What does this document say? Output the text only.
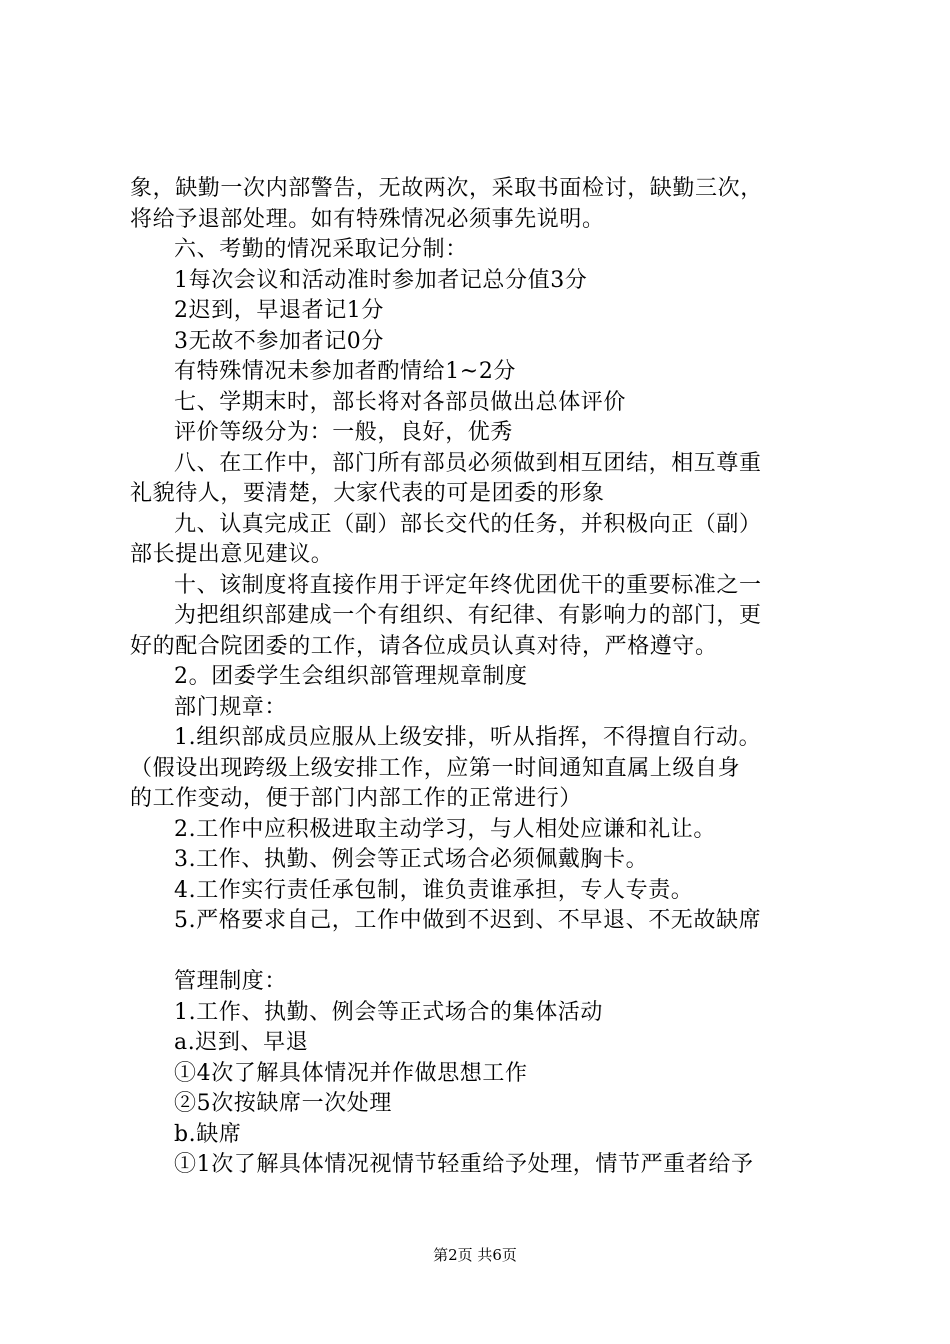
象，缺勤一次内部警告，无故两次，采取书面检讨，缺勤三次，
将给予退部处理。如有特殊情况必须事先说明。
六、考勤的情况采取记分制：
1每次会议和活动准时参加者记总分值3分
2迟到，早退者记1分
3无故不参加者记0分
有特殊情况未参加者酌情给1~2分
七、学期末时，部长将对各部员做出总体评价
评价等级分为：一般，良好，优秀
八、在工作中，部门所有部员必须做到相互团结，相互尊重
礼貌待人，要清楚，大家代表的可是团委的形象
九、认真完成正（副）部长交代的任务，并积极向正（副）
部长提出意见建议。
十、该制度将直接作用于评定年终优团优干的重要标准之一
为把组织部建成一个有组织、有纪律、有影响力的部门，更
好的配合院团委的工作，请各位成员认真对待，严格遵守。
2。团委学生会组织部管理规章制度
部门规章：
1.组织部成员应服从上级安排，听从指挥，不得擅自行动。
（假设出现跨级上级安排工作，应第一时间通知直属上级自身
的工作变动，便于部门内部工作的正常进行）
2.工作中应积极进取主动学习，与人相处应谦和礼让。
3.工作、执勤、例会等正式场合必须佩戴胸卡。
4.工作实行责任承包制，谁负责谁承担，专人专责。
5.严格要求自己，工作中做到不迟到、不早退、不无故缺席
管理制度：
1.工作、执勤、例会等正式场合的集体活动
a.迟到、早退
①4次了解具体情况并作做思想工作
②5次按缺席一次处理
b.缺席
①1次了解具体情况视情节轻重给予处理，情节严重者给予
第2页 共6页
